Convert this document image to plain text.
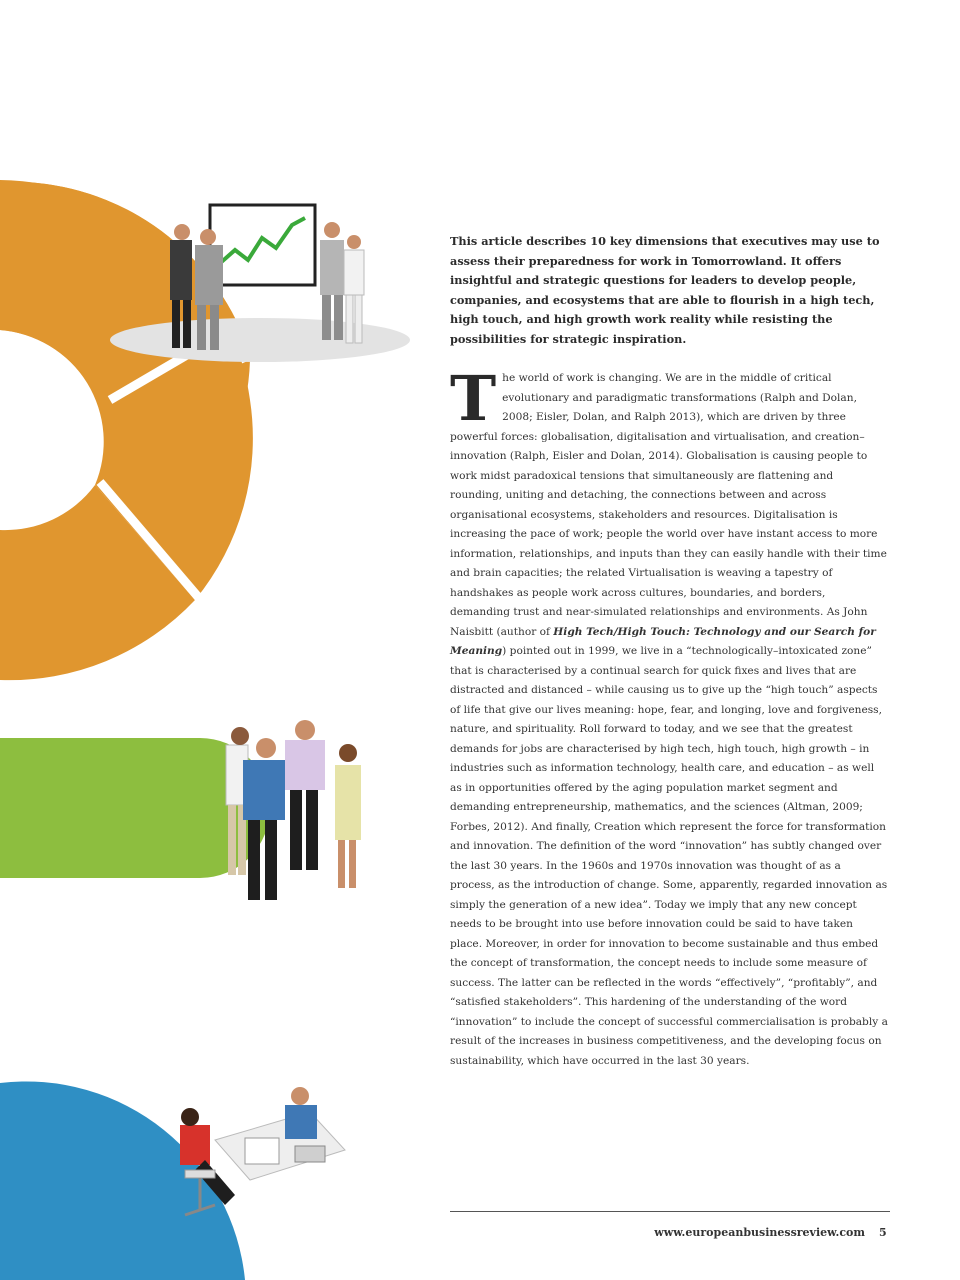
This article describes 10 key dimensions that executives may use to assess their preparedness for work in Tomorrowland. It offers insightful and strategic questions for leaders to develop people, companies, and ecosystems that are able to flourish in a high tech, high touch, and high growth work reality while resisting the possibilities for strategic inspiration.

The world of work is changing. We are in the middle of critical evolutionary and paradigmatic transformations (Ralph and Dolan, 2008; Eisler, Dolan, and Ralph 2013), which are driven by three powerful forces: globalisation, digitalisation and virtualisation, and creation–innovation (Ralph, Eisler and Dolan, 2014). Globalisation is causing people to work midst paradoxical tensions that simultaneously are flattening and rounding, uniting and detaching, the connections between and across organisational ecosystems, stakeholders and resources. Digitalisation is increasing the pace of work; people the world over have instant access to more information, relationships, and inputs than they can easily handle with their time and brain capacities; the related Virtualisation is weaving a tapestry of handshakes as people work across cultures, boundaries, and borders, demanding trust and near-simulated relationships and environments. As John Naisbitt (author of High Tech/High Touch: Technology and our Search for Meaning) pointed out in 1999, we live in a “technologically–intoxicated zone” that is characterised by a continual search for quick fixes and lives that are distracted and distanced – while causing us to give up the “high touch” aspects of life that give our lives meaning: hope, fear, and longing, love and forgiveness, nature, and spirituality. Roll forward to today, and we see that the greatest demands for jobs are characterised by high tech, high touch, high growth – in industries such as information technology, health care, and education – as well as in opportunities offered by the aging population market segment and demanding entrepreneurship, mathematics, and the sciences (Altman, 2009; Forbes, 2012). And finally, Creation which represent the force for transformation and innovation. The definition of the word “innovation” has subtly changed over the last 30 years. In the 1960s and 1970s innovation was thought of as a process, as the introduction of change. Some, apparently, regarded innovation as simply the generation of a new idea”. Today we imply that any new concept needs to be brought into use before innovation could be said to have taken place. Moreover, in order for innovation to become sustainable and thus embed the concept of transformation, the concept needs to include some measure of success. The latter can be reflected in the words “effectively”, “profitably”, and “satisfied stakeholders”. This hardening of the understanding of the word “innovation” to include the concept of successful commercialisation is probably a result of the increases in business competitiveness, and the developing focus on sustainability, which have occurred in the last 30 years.

www.europeanbusinessreview.com 5
